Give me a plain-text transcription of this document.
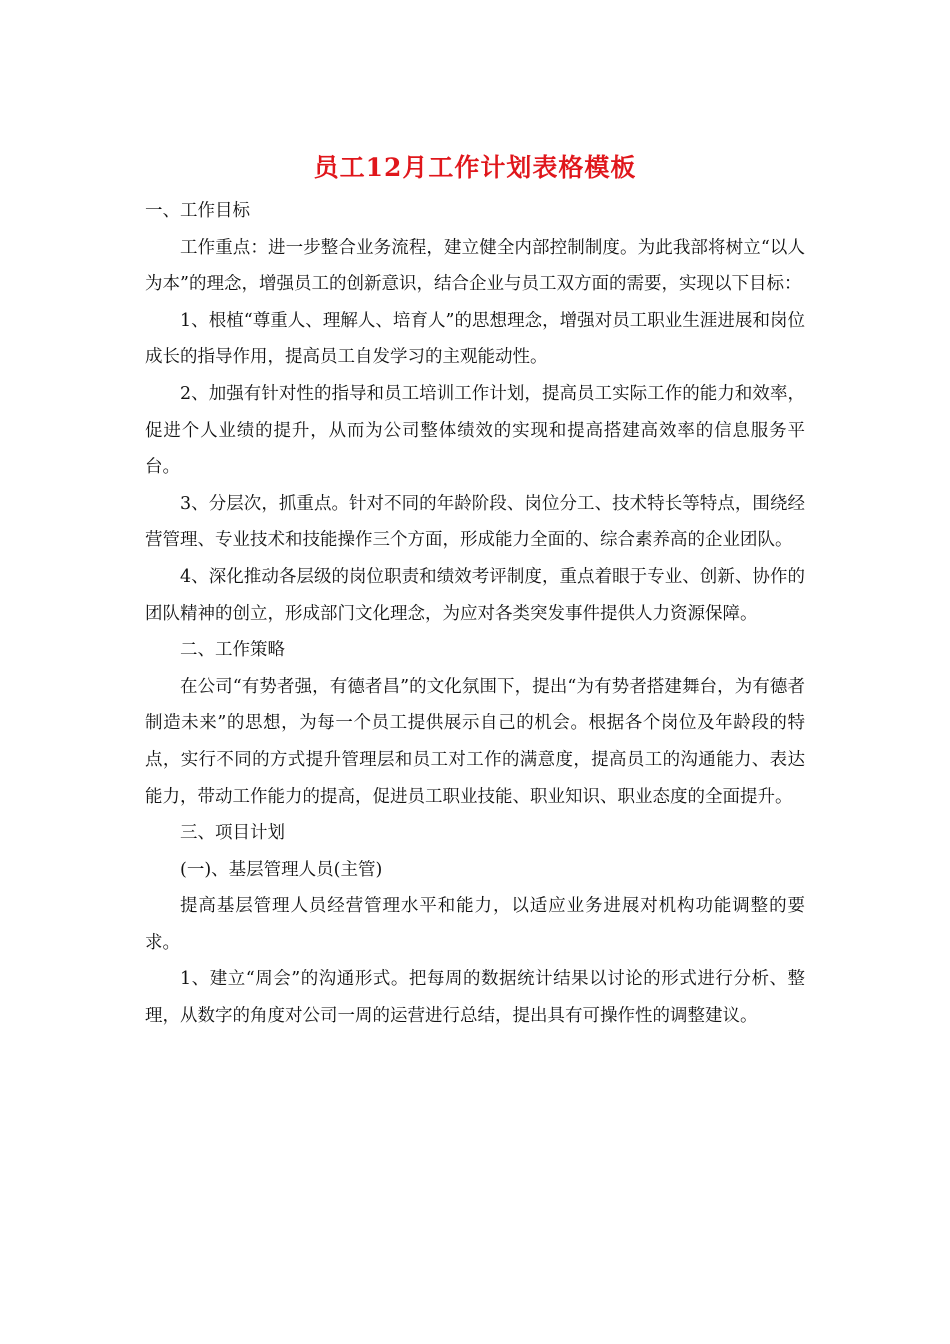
员工12月工作计划表格模板

一、工作目标

工作重点：进一步整合业务流程，建立健全内部控制制度。为此我部将树立“以人为本”的理念，增强员工的创新意识，结合企业与员工双方面的需要，实现以下目标：

1、根植“尊重人、理解人、培育人”的思想理念，增强对员工职业生涯进展和岗位成长的指导作用，提高员工自发学习的主观能动性。

2、加强有针对性的指导和员工培训工作计划，提高员工实际工作的能力和效率，促进个人业绩的提升，从而为公司整体绩效的实现和提高搭建高效率的信息服务平台。

3、分层次，抓重点。针对不同的年龄阶段、岗位分工、技术特长等特点，围绕经营管理、专业技术和技能操作三个方面，形成能力全面的、综合素养高的企业团队。

4、深化推动各层级的岗位职责和绩效考评制度，重点着眼于专业、创新、协作的团队精神的创立，形成部门文化理念，为应对各类突发事件提供人力资源保障。

二、工作策略

在公司“有势者强，有德者昌”的文化氛围下，提出“为有势者搭建舞台，为有德者制造未来”的思想，为每一个员工提供展示自己的机会。根据各个岗位及年龄段的特点，实行不同的方式提升管理层和员工对工作的满意度，提高员工的沟通能力、表达能力，带动工作能力的提高，促进员工职业技能、职业知识、职业态度的全面提升。

三、项目计划

(一)、基层管理人员(主管)

提高基层管理人员经营管理水平和能力，以适应业务进展对机构功能调整的要求。

1、建立“周会”的沟通形式。把每周的数据统计结果以讨论的形式进行分析、整理，从数字的角度对公司一周的运营进行总结，提出具有可操作性的调整建议。
